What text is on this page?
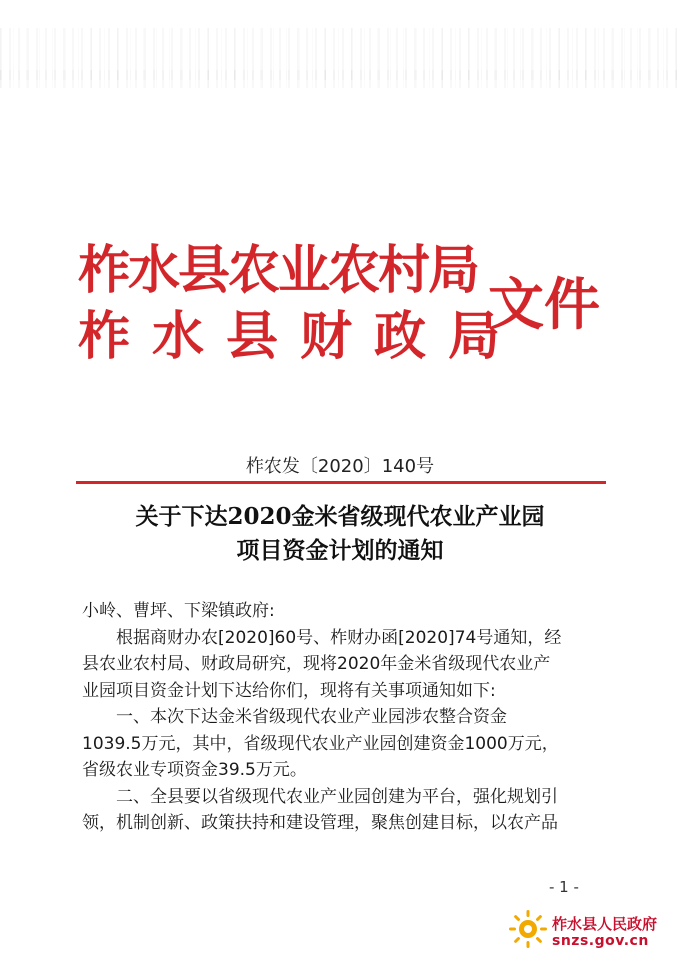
柞水县农业农村局
柞水县财政局
文件
柞农发〔2020〕140号
关于下达2020金米省级现代农业产业园
项目资金计划的通知
小岭、曹坪、下梁镇政府:
根据商财办农[2020]60号、柞财办函[2020]74号通知，经
县农业农村局、财政局研究，现将2020年金米省级现代农业产
业园项目资金计划下达给你们，现将有关事项通知如下:
一、本次下达金米省级现代农业产业园涉农整合资金
1039.5万元，其中，省级现代农业产业园创建资金1000万元，
省级农业专项资金39.5万元。
二、全县要以省级现代农业产业园创建为平台，强化规划引
领，机制创新、政策扶持和建设管理，聚焦创建目标，以农产品
- 1 -
柞水县人民政府
snzs.gov.cn
